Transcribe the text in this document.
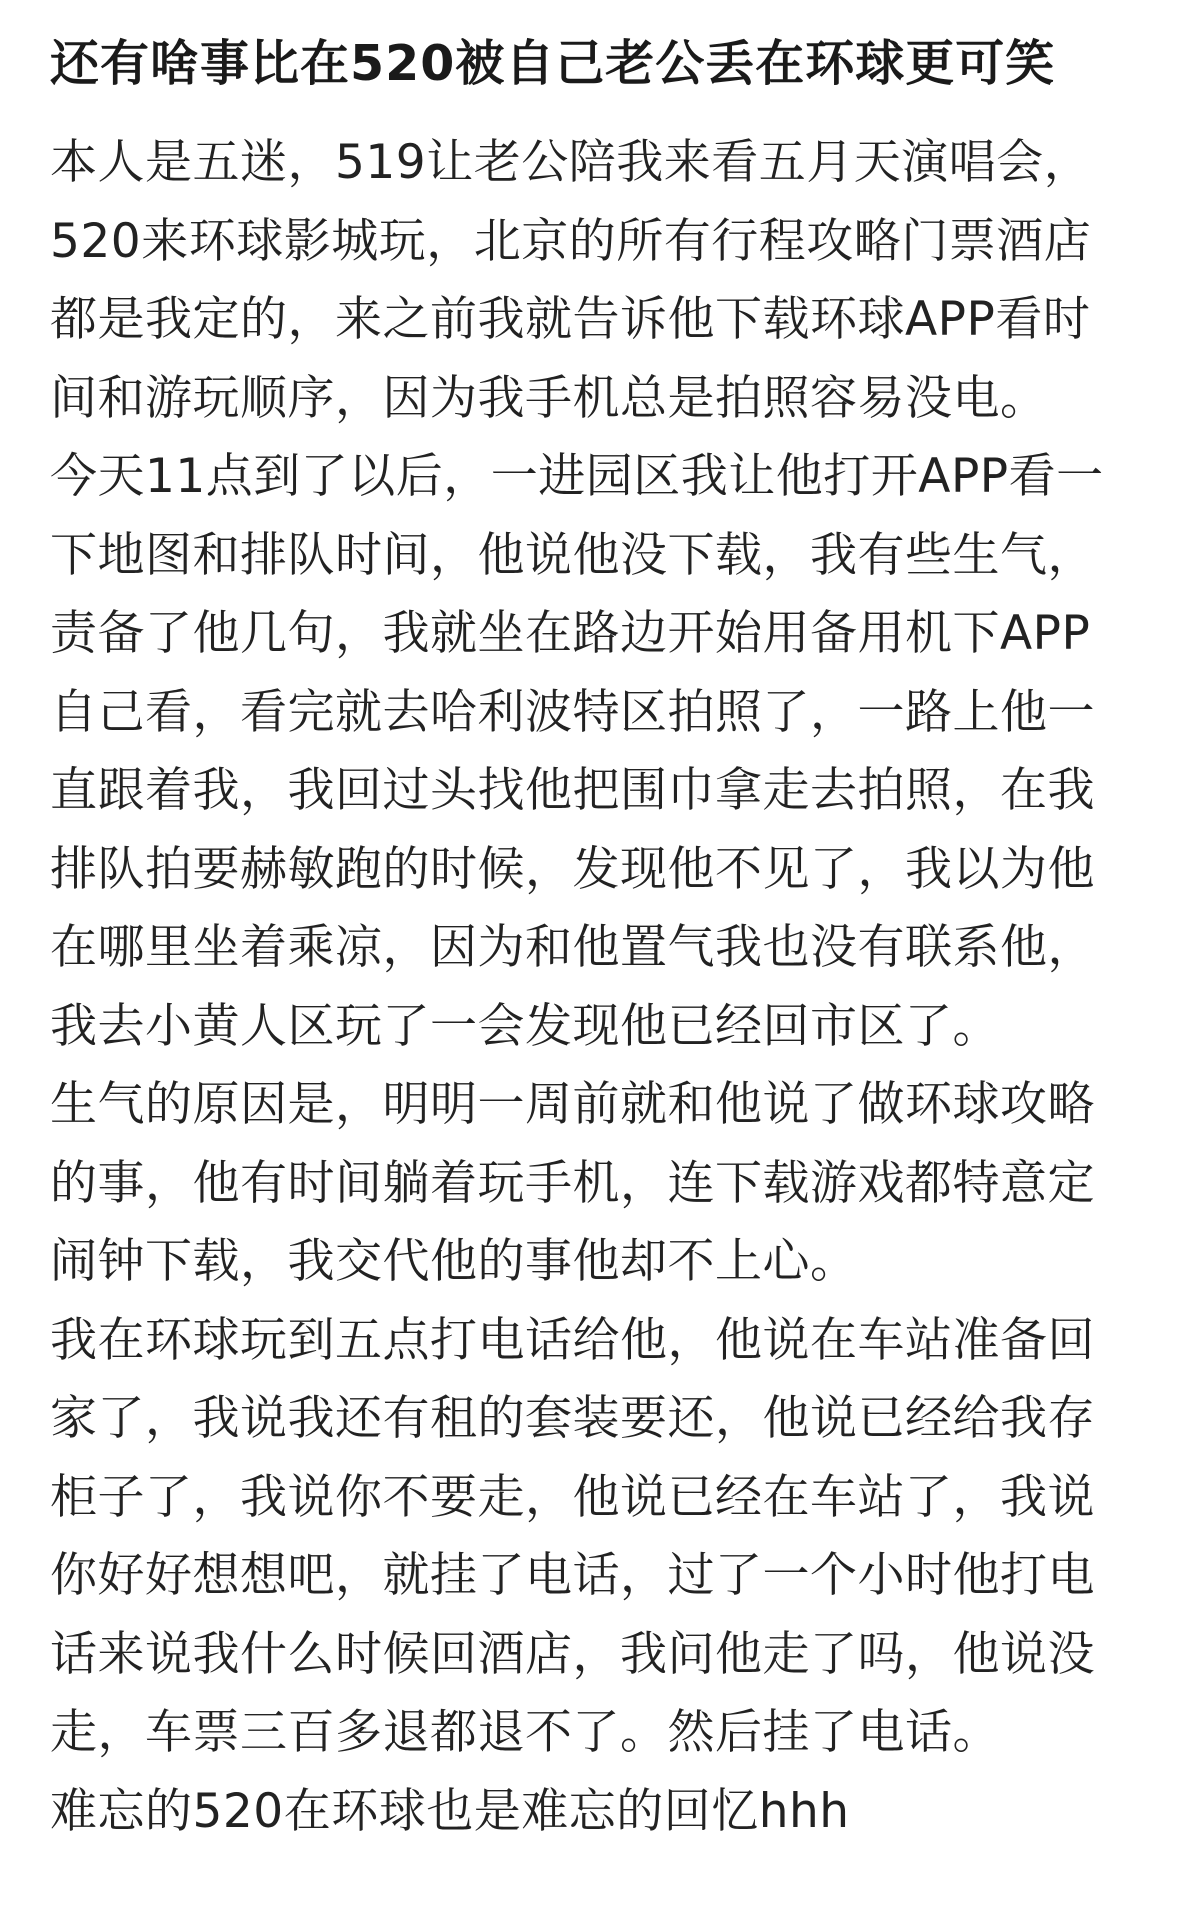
还有啥事比在520被自己老公丢在环球更可笑

本人是五迷，519让老公陪我来看五月天演唱会，520来环球影城玩，北京的所有行程攻略门票酒店都是我定的，来之前我就告诉他下载环球APP看时间和游玩顺序，因为我手机总是拍照容易没电。

今天11点到了以后，一进园区我让他打开APP看一下地图和排队时间，他说他没下载，我有些生气，责备了他几句，我就坐在路边开始用备用机下APP自己看，看完就去哈利波特区拍照了，一路上他一直跟着我，我回过头找他把围巾拿走去拍照，在我排队拍要赫敏跑的时候，发现他不见了，我以为他在哪里坐着乘凉，因为和他置气我也没有联系他，我去小黄人区玩了一会发现他已经回市区了。

生气的原因是，明明一周前就和他说了做环球攻略的事，他有时间躺着玩手机，连下载游戏都特意定闹钟下载，我交代他的事他却不上心。

我在环球玩到五点打电话给他，他说在车站准备回家了，我说我还有租的套装要还，他说已经给我存柜子了，我说你不要走，他说已经在车站了，我说你好好想想吧，就挂了电话，过了一个小时他打电话来说我什么时候回酒店，我问他走了吗，他说没走，车票三百多退都退不了。然后挂了电话。

难忘的520在环球也是难忘的回忆hhh
